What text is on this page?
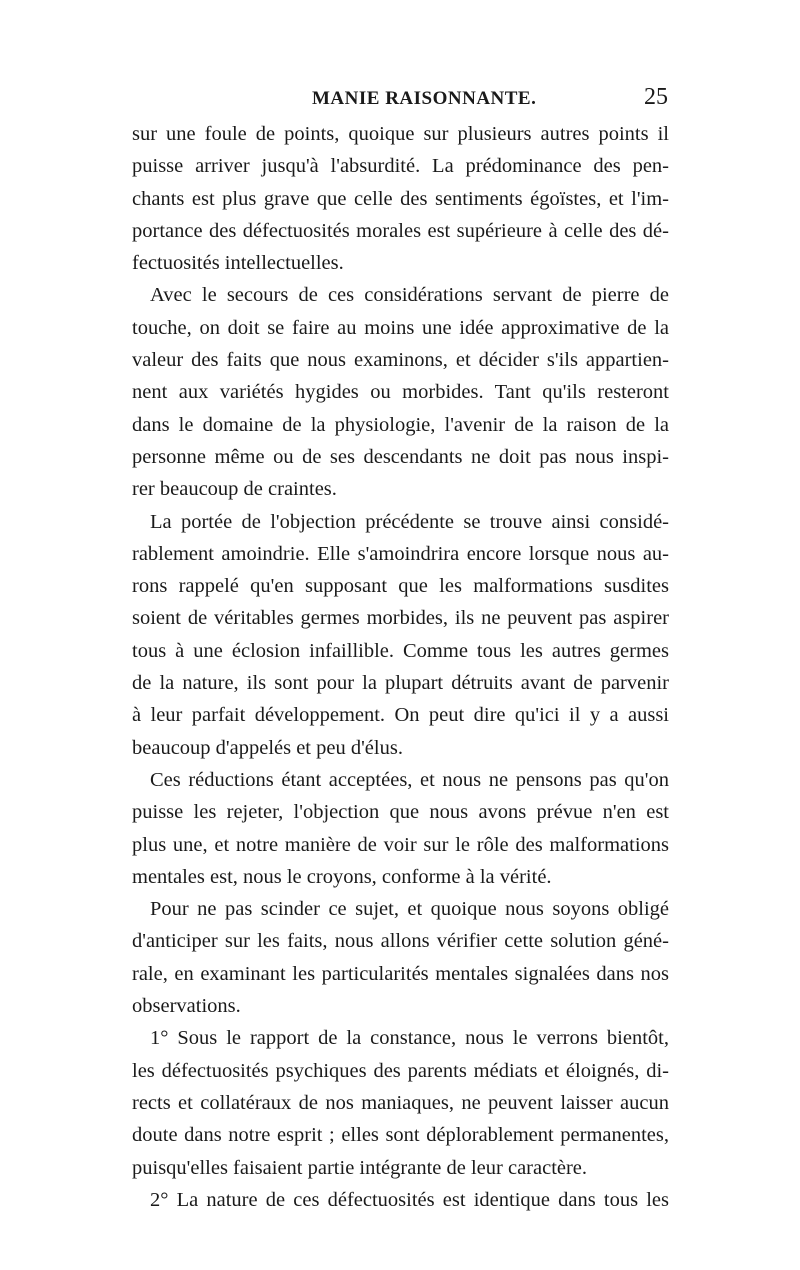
MANIE RAISONNANTE.	25
sur une foule de points, quoique sur plusieurs autres points il
puisse arriver jusqu'à l'absurdité. La prédominance des pen-
chants est plus grave que celle des sentiments égoïstes, et l'im-
portance des défectuosités morales est supérieure à celle des dé-
fectuosités intellectuelles.
Avec le secours de ces considérations servant de pierre de
touche, on doit se faire au moins une idée approximative de la
valeur des faits que nous examinons, et décider s'ils appartien-
nent aux variétés hygides ou morbides. Tant qu'ils resteront
dans le domaine de la physiologie, l'avenir de la raison de la
personne même ou de ses descendants ne doit pas nous inspi-
rer beaucoup de craintes.
La portée de l'objection précédente se trouve ainsi considé-
rablement amoindrie. Elle s'amoindrira encore lorsque nous au-
rons rappelé qu'en supposant que les malformations susdites
soient de véritables germes morbides, ils ne peuvent pas aspirer
tous à une éclosion infaillible. Comme tous les autres germes
de la nature, ils sont pour la plupart détruits avant de parvenir
à leur parfait développement. On peut dire qu'ici il y a aussi
beaucoup d'appelés et peu d'élus.
Ces réductions étant acceptées, et nous ne pensons pas qu'on
puisse les rejeter, l'objection que nous avons prévue n'en est
plus une, et notre manière de voir sur le rôle des malformations
mentales est, nous le croyons, conforme à la vérité.
Pour ne pas scinder ce sujet, et quoique nous soyons obligé
d'anticiper sur les faits, nous allons vérifier cette solution géné-
rale, en examinant les particularités mentales signalées dans nos
observations.
1° Sous le rapport de la constance, nous le verrons bientôt,
les défectuosités psychiques des parents médiats et éloignés, di-
rects et collatéraux de nos maniaques, ne peuvent laisser aucun
doute dans notre esprit ; elles sont déplorablement permanentes,
puisqu'elles faisaient partie intégrante de leur caractère.
2° La nature de ces défectuosités est identique dans tous les
